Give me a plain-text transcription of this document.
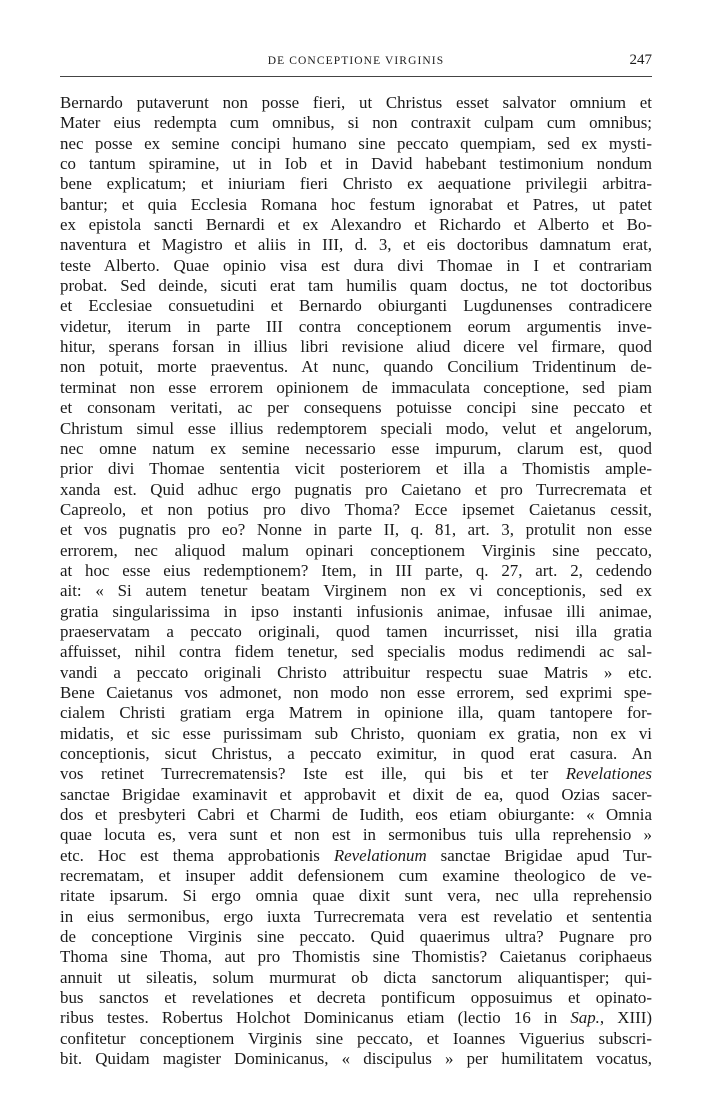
DE CONCEPTIONE VIRGINIS	247
Bernardo putaverunt non posse fieri, ut Christus esset salvator omnium et
Mater eius redempta cum omnibus, si non contraxit culpam cum omnibus;
nec posse ex semine concipi humano sine peccato quempiam, sed ex mysti-
co tantum spiramine, ut in Iob et in David habebant testimonium nondum
bene explicatum; et iniuriam fieri Christo ex aequatione privilegii arbitra-
bantur; et quia Ecclesia Romana hoc festum ignorabat et Patres, ut patet
ex epistola sancti Bernardi et ex Alexandro et Richardo et Alberto et Bo-
naventura et Magistro et aliis in III, d. 3, et eis doctoribus damnatum erat,
teste Alberto. Quae opinio visa est dura divi Thomae in I et contrariam
probat. Sed deinde, sicuti erat tam humilis quam doctus, ne tot doctoribus
et Ecclesiae consuetudini et Bernardo obiurganti Lugdunenses contradicere
videtur, iterum in parte III contra conceptionem eorum argumentis inve-
hitur, sperans forsan in illius libri revisione aliud dicere vel firmare, quod
non potuit, morte praeventus. At nunc, quando Concilium Tridentinum de-
terminat non esse errorem opinionem de immaculata conceptione, sed piam
et consonam veritati, ac per consequens potuisse concipi sine peccato et
Christum simul esse illius redemptorem speciali modo, velut et angelorum,
nec omne natum ex semine necessario esse impurum, clarum est, quod
prior divi Thomae sententia vicit posteriorem et illa a Thomistis ample-
xanda est. Quid adhuc ergo pugnatis pro Caietano et pro Turrecremata et
Capreolo, et non potius pro divo Thoma? Ecce ipsemet Caietanus cessit,
et vos pugnatis pro eo? Nonne in parte II, q. 81, art. 3, protulit non esse
errorem, nec aliquod malum opinari conceptionem Virginis sine peccato,
at hoc esse eius redemptionem? Item, in III parte, q. 27, art. 2, cedendo
ait: « Si autem tenetur beatam Virginem non ex vi conceptionis, sed ex
gratia singularissima in ipso instanti infusionis animae, infusae illi animae,
praeservatam a peccato originali, quod tamen incurrisset, nisi illa gratia
affuisset, nihil contra fidem tenetur, sed specialis modus redimendi ac sal-
vandi a peccato originali Christo attribuitur respectu suae Matris » etc.
Bene Caietanus vos admonet, non modo non esse errorem, sed exprimi spe-
cialem Christi gratiam erga Matrem in opinione illa, quam tantopere for-
midatis, et sic esse purissimam sub Christo, quoniam ex gratia, non ex vi
conceptionis, sicut Christus, a peccato eximitur, in quod erat casura. An
vos retinet Turrecrematensis? Iste est ille, qui bis et ter Revelationes
sanctae Brigidae examinavit et approbavit et dixit de ea, quod Ozias sacer-
dos et presbyteri Cabri et Charmi de Iudith, eos etiam obiurgante: « Omnia
quae locuta es, vera sunt et non est in sermonibus tuis ulla reprehensio »
etc. Hoc est thema approbationis Revelationum sanctae Brigidae apud Tur-
recrematam, et insuper addit defensionem cum examine theologico de ve-
ritate ipsarum. Si ergo omnia quae dixit sunt vera, nec ulla reprehensio
in eius sermonibus, ergo iuxta Turrecremata vera est revelatio et sententia
de conceptione Virginis sine peccato. Quid quaerimus ultra? Pugnare pro
Thoma sine Thoma, aut pro Thomistis sine Thomistis? Caietanus coriphaeus
annuit ut sileatis, solum murmurat ob dicta sanctorum aliquantisper; qui-
bus sanctos et revelationes et decreta pontificum opposuimus et opinato-
ribus testes. Robertus Holchot Dominicanus etiam (lectio 16 in Sap., XIII)
confitetur conceptionem Virginis sine peccato, et Ioannes Viguerius subscri-
bit. Quidam magister Dominicanus, « discipulus » per humilitatem vocatus,
